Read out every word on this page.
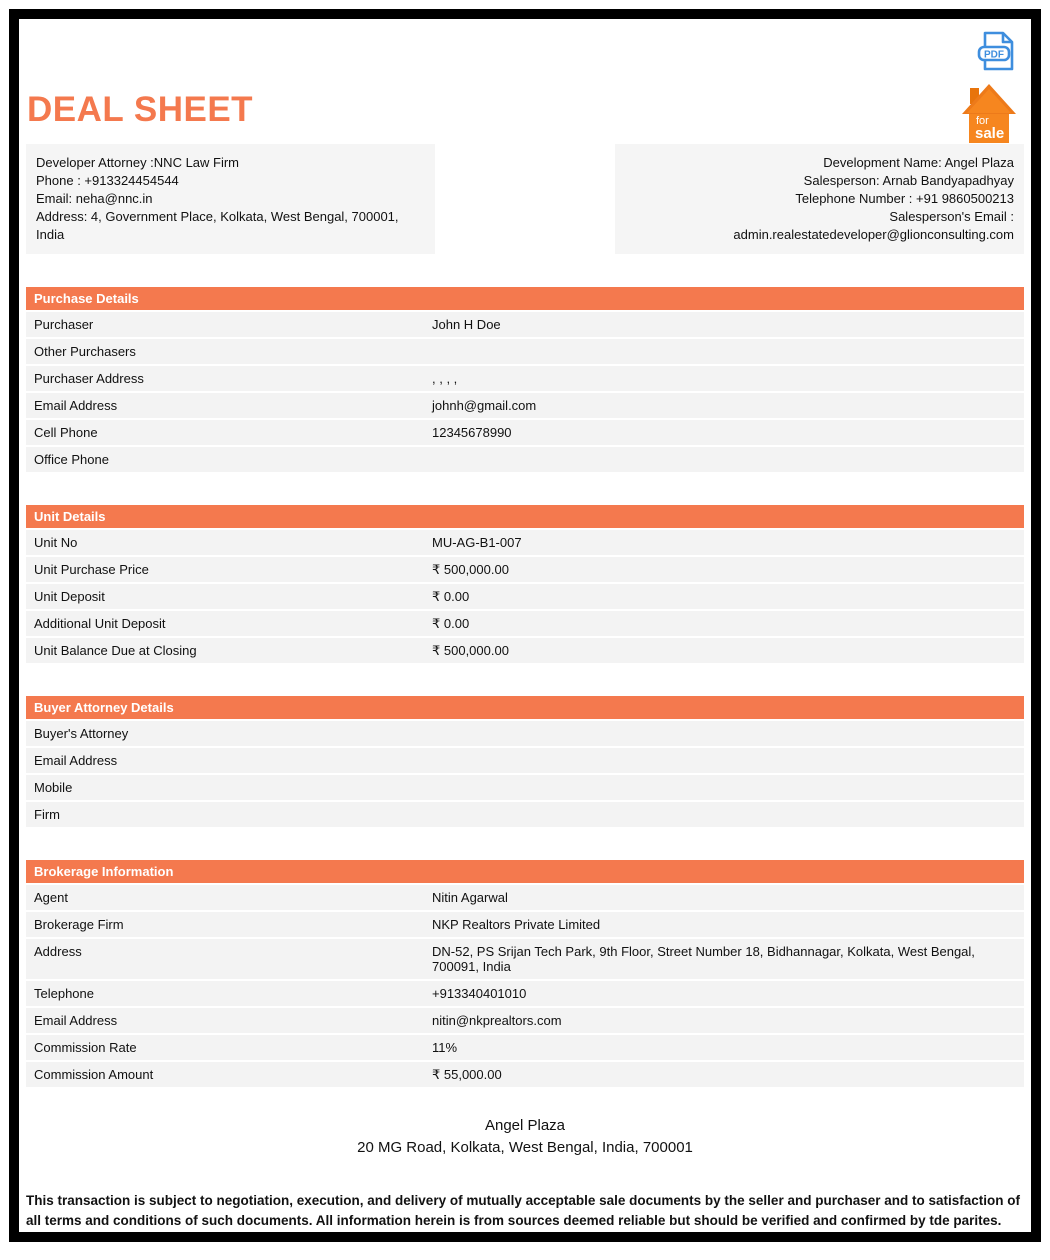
PDF
for
sale
DEAL SHEET
Developer Attorney :NNC Law Firm
Phone : +913324454544
Email: neha@nnc.in
Address: 4, Government Place, Kolkata, West Bengal, 700001, India
Development Name: Angel Plaza
Salesperson: Arnab Bandyapadhyay
Telephone Number : +91 9860500213
Salesperson's Email : admin.realestatedeveloper@glionconsulting.com
Purchase Details
Purchaser	John H Doe
Other Purchasers
Purchaser Address	, , , ,
Email Address	johnh@gmail.com
Cell Phone	12345678990
Office Phone
Unit Details
Unit No	MU-AG-B1-007
Unit Purchase Price	₹ 500,000.00
Unit Deposit	₹ 0.00
Additional Unit Deposit	₹ 0.00
Unit Balance Due at Closing	₹ 500,000.00
Buyer Attorney Details
Buyer's Attorney
Email Address
Mobile
Firm
Brokerage Information
Agent	Nitin Agarwal
Brokerage Firm	NKP Realtors Private Limited
Address	DN-52, PS Srijan Tech Park, 9th Floor, Street Number 18, Bidhannagar, Kolkata, West Bengal, 700091, India
Telephone	+913340401010
Email Address	nitin@nkprealtors.com
Commission Rate	11%
Commission Amount	₹ 55,000.00
Angel Plaza
20 MG Road, Kolkata, West Bengal, India, 700001
This transaction is subject to negotiation, execution, and delivery of mutually acceptable sale documents by the seller and purchaser and to satisfaction of all terms and conditions of such documents. All information herein is from sources deemed reliable but should be verified and confirmed by tde parites.
